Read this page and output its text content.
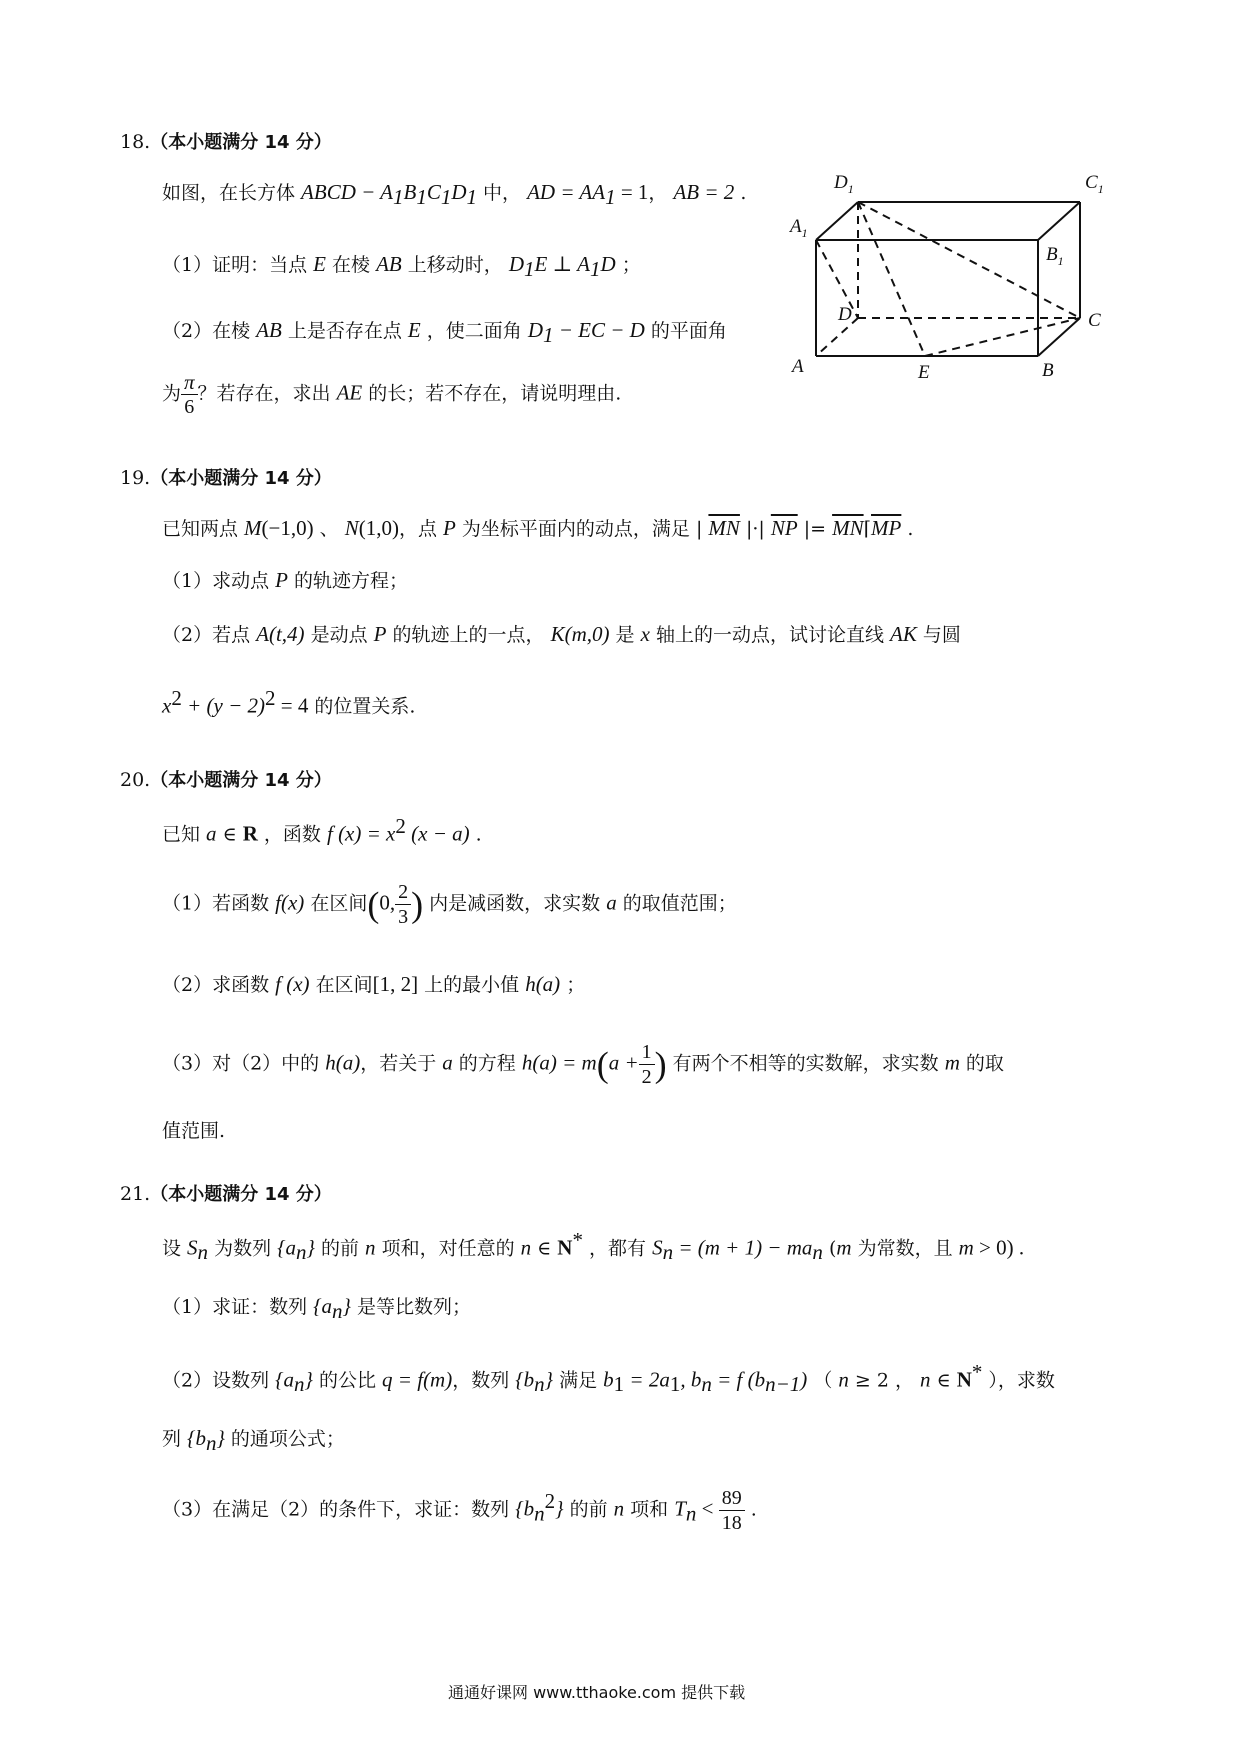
18.（本小题满分 14 分）
如图，在长方体 ABCD − $A_1B_1C_1D_1$ 中， AD = $AA_1 = 1$， AB = 2 .
（1）证明：当点 E 在棱 AB 上移动时， $D_1E$ ⊥ $A_1D$ ；
（2）在棱 AB 上是否存在点 E ，使二面角 $D_1$ − EC − D 的平面角
为 $\frac{\pi}{6}$ ？若存在，求出 AE 的长；若不存在，请说明理由.
$D_1$	$C_1$
$A_1$
$B_1$
D	C
A	E	B
19.（本小题满分 14 分）
已知两点 M(−1,0) 、 N(1,0)，点 P 为坐标平面内的动点，满足 | $\overline{MN}$ |·| $\overline{NP}$ |= $\overline{MN}⌈\overline{MP}$ .
（1）求动点 P 的轨迹方程；
（2）若点 A(t,4) 是动点 P 的轨迹上的一点， K(m,0) 是 x 轴上的一动点，试讨论直线 AK 与圆
$x^2 + (y - 2)^2 = 4$ 的位置关系.
20.（本小题满分 14 分）
已知 a ∈ R ，函数 f $(x) = x^2$ (x − a) .
（1）若函数 f(x) 在区间(0, $\frac{2}{3}$ ) 内是减函数，求实数 a 的取值范围；
（2）求函数 f (x) 在区间[1, 2] 上的最小值 h(a) ；
（3）对（2）中的 h(a)，若关于 a 的方程 $h(a) = m(a + \frac{1}{2}$ ) 有两个不相等的实数解，求实数 m 的取
值范围.
21.（本小题满分 14 分）
设 $S_n$ 为数列 $\{a_n\}$ 的前 n 项和，对任意的 n ∈ N* ，都有 $S_n = (m + 1) - ma_n$ (m 为常数，且 m > 0) .
（1）求证：数列 $\{a_n\}$ 是等比数列；
（2）设数列 $\{a_n\}$ 的公比 q = f(m)，数列 $\{b_n\}$ 满足 $b_1 = 2a_1$, $b_n = f$ $(b_{n-1})$ （ n ≥ 2 ， n ∈ N* ），求数
列 $\{b_n\}$ 的通项公式；
（3）在满足（2）的条件下，求证：数列 $\{b_n^2\}$ 的前 n 项和 $T_n < \frac{89}{18}$ .
通通好课网 www.tthaoke.com 提供下载
